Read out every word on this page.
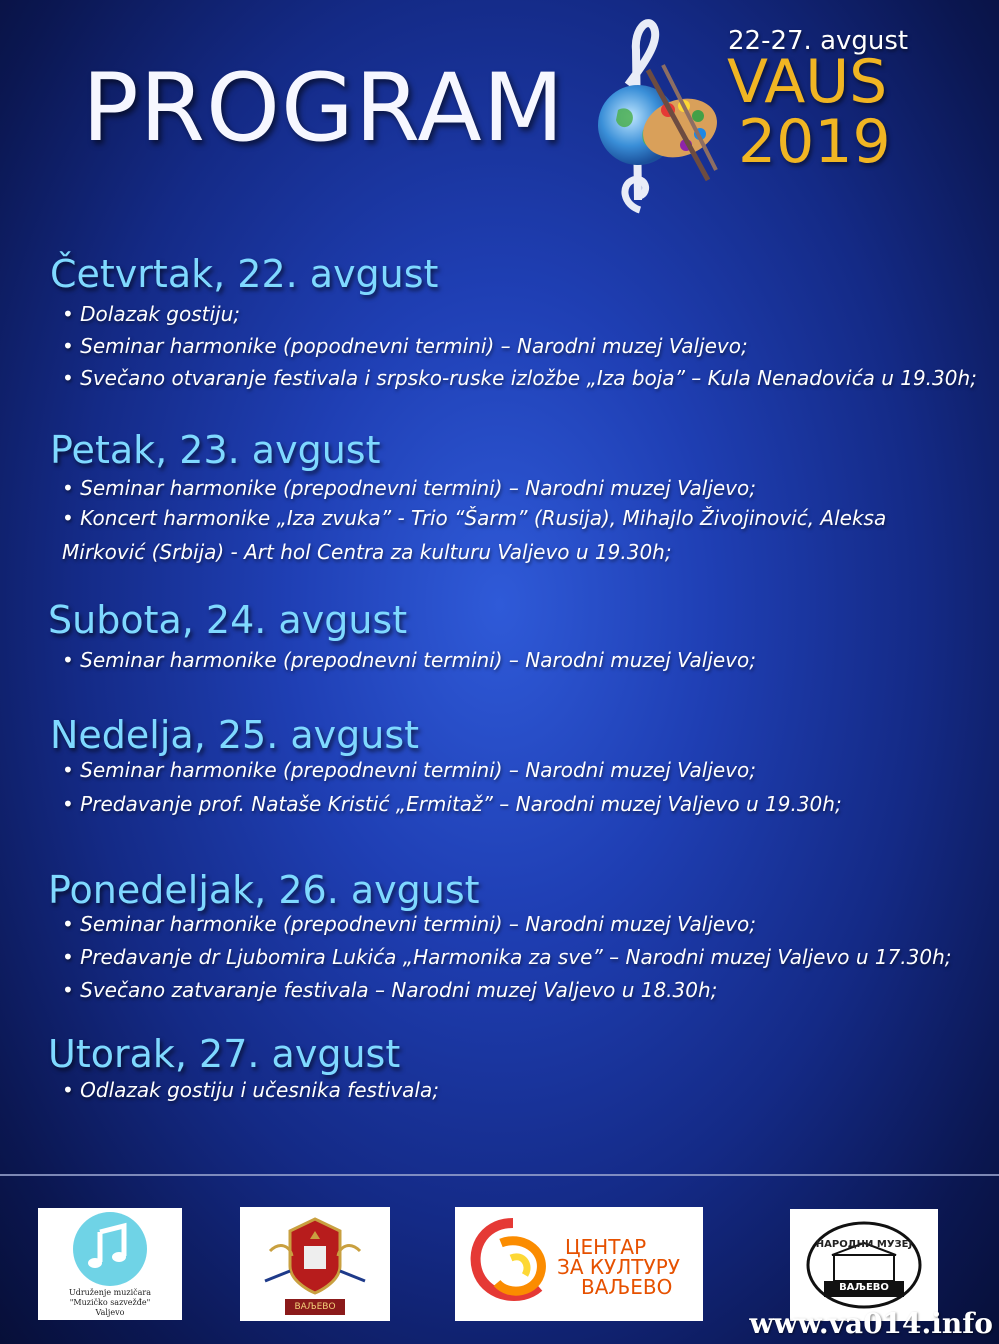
PROGRAM
22-27. avgust
VAUS
2019
Četvrtak, 22. avgust
• Dolazak gostiju;
• Seminar harmonike (popodnevni termini) – Narodni muzej Valjevo;
• Svečano otvaranje festivala i srpsko-ruske izložbe „Iza boja” – Kula Nenadovića u 19.30h;
Petak, 23. avgust
• Seminar harmonike (prepodnevni termini) – Narodni muzej Valjevo;
• Koncert harmonike „Iza zvuka” - Trio “Šarm” (Rusija), Mihajlo Živojinović, Aleksa Mirković (Srbija) - Art hol Centra za kulturu Valjevo u 19.30h;
Subota, 24. avgust
• Seminar harmonike (prepodnevni termini) – Narodni muzej Valjevo;
Nedelja, 25. avgust
• Seminar harmonike (prepodnevni termini) – Narodni muzej Valjevo;
• Predavanje prof. Nataše Kristić „Ermitaž” – Narodni muzej Valjevo u 19.30h;
Ponedeljak, 26. avgust
• Seminar harmonike (prepodnevni termini) – Narodni muzej Valjevo;
• Predavanje dr Ljubomira Lukića „Harmonika za sve” – Narodni muzej Valjevo u 17.30h;
• Svečano zatvaranje festivala – Narodni muzej Valjevo u 18.30h;
Utorak, 27. avgust
• Odlazak gostiju i učesnika festivala;
Udruženje muzičara
"Muzičko sazvežđe"
Valjevo
ВАЉЕВО
ЦЕНТАР
ЗА КУЛТУРУ
ВАЉЕВО
НАРОДНИ МУЗЕЈ
ВАЉЕВО
www.va014.info
